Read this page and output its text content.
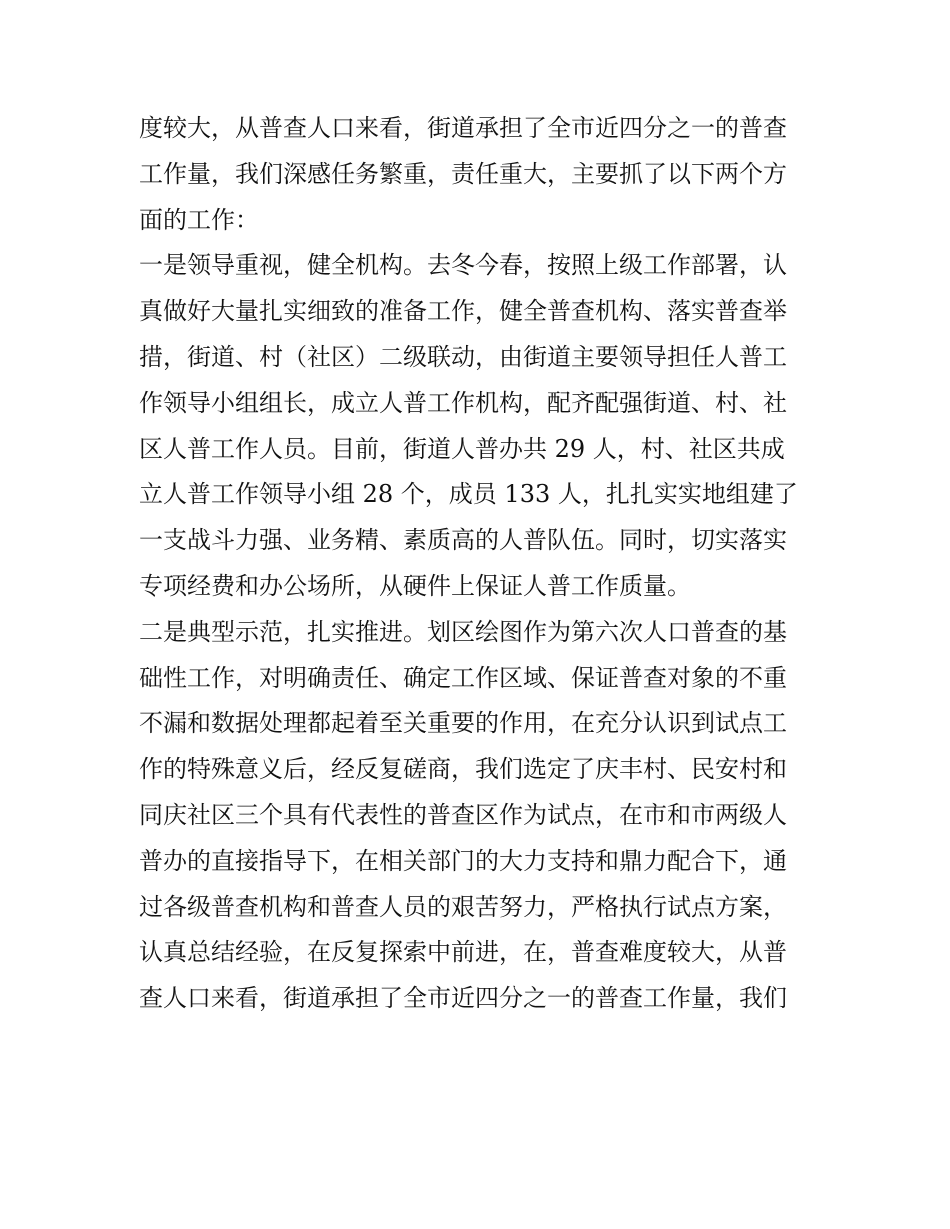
度较大，从普查人口来看，街道承担了全市近四分之一的普查
工作量，我们深感任务繁重，责任重大，主要抓了以下两个方
面的工作：
一是领导重视，健全机构。去冬今春，按照上级工作部署，认
真做好大量扎实细致的准备工作，健全普查机构、落实普查举
措，街道、村（社区）二级联动，由街道主要领导担任人普工
作领导小组组长，成立人普工作机构，配齐配强街道、村、社
区人普工作人员。目前，街道人普办共 29 人，村、社区共成
立人普工作领导小组 28 个，成员 133 人，扎扎实实地组建了
一支战斗力强、业务精、素质高的人普队伍。同时，切实落实
专项经费和办公场所，从硬件上保证人普工作质量。
二是典型示范，扎实推进。划区绘图作为第六次人口普查的基
础性工作，对明确责任、确定工作区域、保证普查对象的不重
不漏和数据处理都起着至关重要的作用，在充分认识到试点工
作的特殊意义后，经反复磋商，我们选定了庆丰村、民安村和
同庆社区三个具有代表性的普查区作为试点，在市和市两级人
普办的直接指导下，在相关部门的大力支持和鼎力配合下，通
过各级普查机构和普查人员的艰苦努力，严格执行试点方案，
认真总结经验，在反复探索中前进，在，普查难度较大，从普
查人口来看，街道承担了全市近四分之一的普查工作量，我们
